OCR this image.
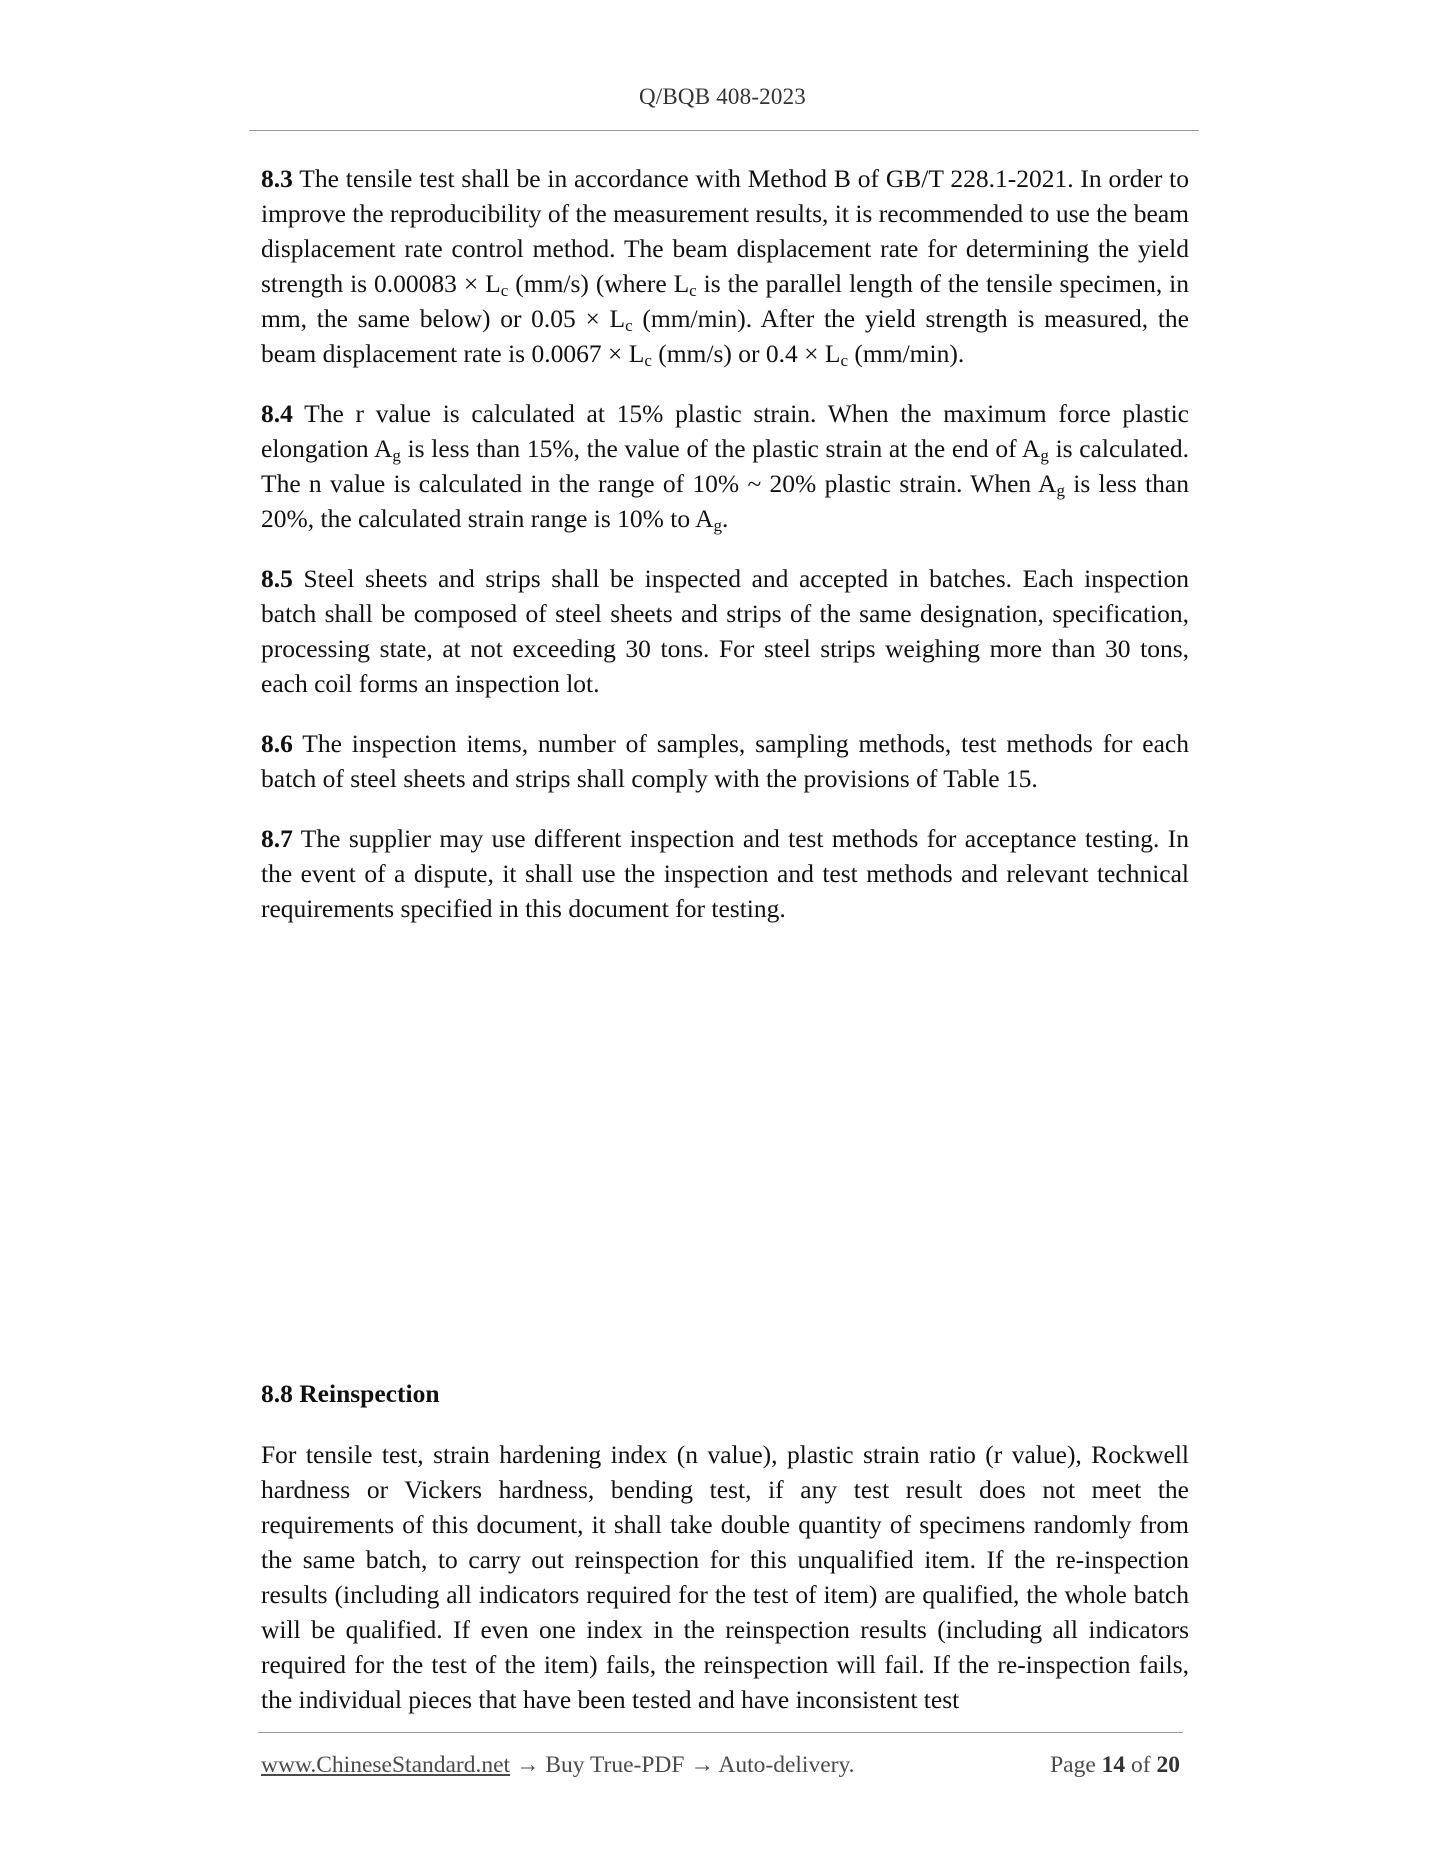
Q/BQB 408-2023

8.3 The tensile test shall be in accordance with Method B of GB/T 228.1-2021. In order to improve the reproducibility of the measurement results, it is recommended to use the beam displacement rate control method. The beam displacement rate for determining the yield strength is $0.00083 \times L_c$ (mm/s) (where $L_c$ is the parallel length of the tensile specimen, in mm, the same below) or $0.05 \times L_c$ (mm/min). After the yield strength is measured, the beam displacement rate is $0.0067 \times L_c$ (mm/s) or $0.4 \times L_c$ (mm/min).

8.4 The r value is calculated at 15% plastic strain. When the maximum force plastic elongation $A_g$ is less than 15%, the value of the plastic strain at the end of $A_g$ is calculated. The n value is calculated in the range of 10% ~ 20% plastic strain. When $A_g$ is less than 20%, the calculated strain range is 10% to $A_g$.

8.5 Steel sheets and strips shall be inspected and accepted in batches. Each inspection batch shall be composed of steel sheets and strips of the same designation, specification, processing state, at not exceeding 30 tons. For steel strips weighing more than 30 tons, each coil forms an inspection lot.

8.6 The inspection items, number of samples, sampling methods, test methods for each batch of steel sheets and strips shall comply with the provisions of Table 15.

8.7 The supplier may use different inspection and test methods for acceptance testing. In the event of a dispute, it shall use the inspection and test methods and relevant technical requirements specified in this document for testing.

8.8 Reinspection

For tensile test, strain hardening index (n value), plastic strain ratio (r value), Rockwell hardness or Vickers hardness, bending test, if any test result does not meet the requirements of this document, it shall take double quantity of specimens randomly from the same batch, to carry out reinspection for this unqualified item. If the re-inspection results (including all indicators required for the test of item) are qualified, the whole batch will be qualified. If even one index in the reinspection results (including all indicators required for the test of the item) fails, the reinspection will fail. If the re-inspection fails, the individual pieces that have been tested and have inconsistent test

www.ChineseStandard.net → Buy True-PDF → Auto-delivery.	Page 14 of 20
